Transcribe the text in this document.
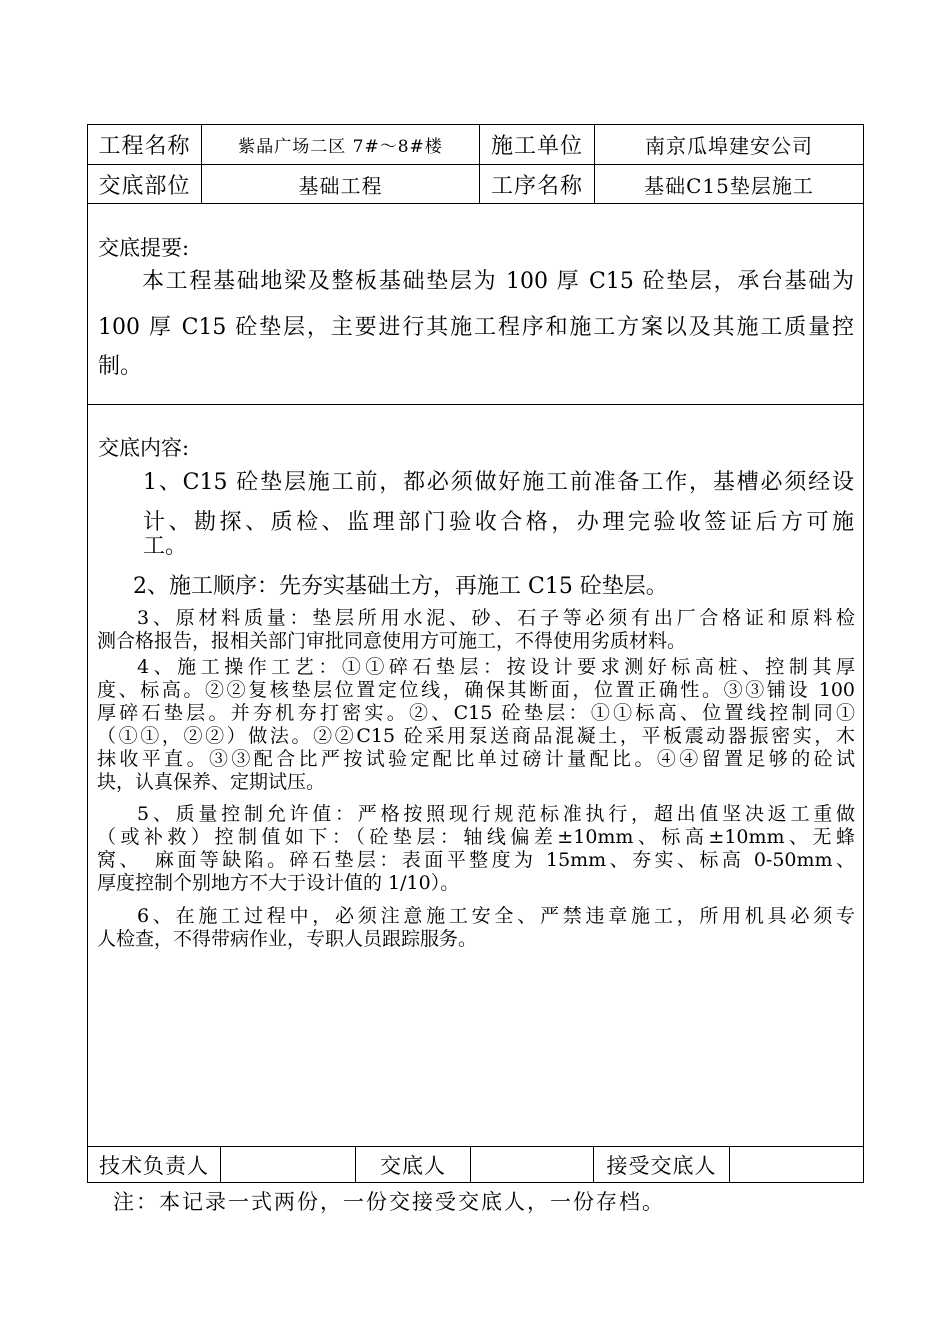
工程名称	紫晶广场二区 7#～8#楼	施工单位	南京瓜埠建安公司
交底部位	基础工程	工序名称	基础C15垫层施工
交底提要:
本工程基础地梁及整板基础垫层为 100 厚 C15 砼垫层，承台基础为
100 厚 C15 砼垫层，主要进行其施工程序和施工方案以及其施工质量控
制。
交底内容:
1、C15 砼垫层施工前，都必须做好施工前准备工作，基槽必须经设
计、勘探、质检、监理部门验收合格，办理完验收签证后方可施
工。
2、施工顺序：先夯实基础土方，再施工 C15 砼垫层。
3、原材料质量：垫层所用水泥、砂、石子等必须有出厂合格证和原料检
测合格报告，报相关部门审批同意使用方可施工，不得使用劣质材料。
4、施工操作工艺：①①碎石垫层：按设计要求测好标高桩、控制其厚
度、标高。②②复核垫层位置定位线，确保其断面，位置正确性。③③铺设 100
厚碎石垫层。并夯机夯打密实。②、C15 砼垫层：①①标高、位置线控制同①
（①①，②②）做法。②②C15 砼采用泵送商品混凝土，平板震动器振密实，木
抹收平直。③③配合比严按试验定配比单过磅计量配比。④④留置足够的砼试
块，认真保养、定期试压。
5、质量控制允许值：严格按照现行规范标准执行，超出值坚决返工重做
（或补救）控制值如下：（砼垫层：轴线偏差±10mm、标高±10mm、无蜂
窝、　麻面等缺陷。碎石垫层：表面平整度为 15mm、夯实、标高 0-50mm、
厚度控制个别地方不大于设计值的 1/10）。
6、在施工过程中，必须注意施工安全、严禁违章施工，所用机具必须专
人检查，不得带病作业，专职人员跟踪服务。
技术负责人	交底人	接受交底人
注：本记录一式两份，一份交接受交底人，一份存档。
